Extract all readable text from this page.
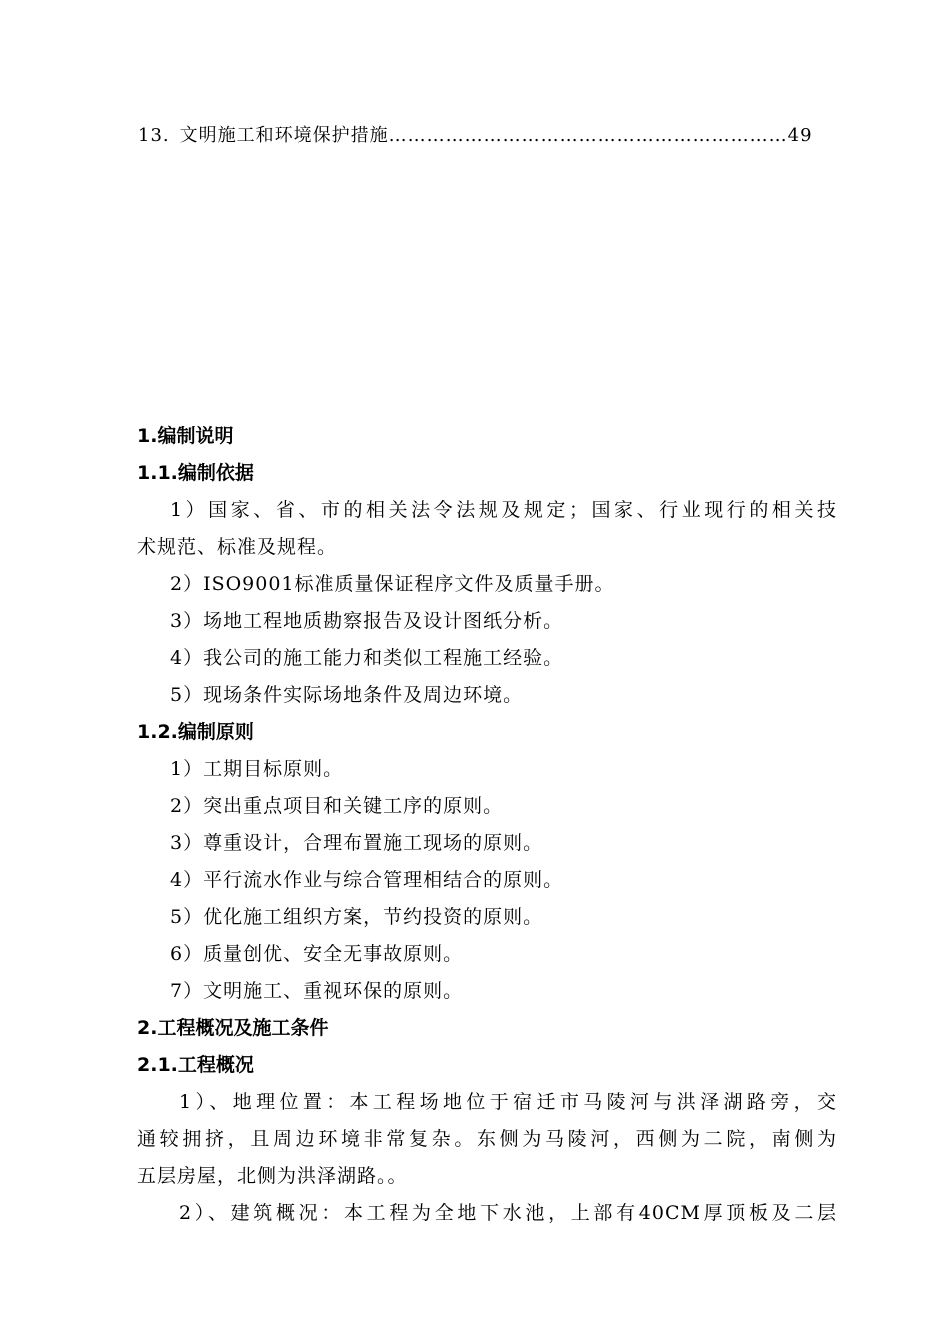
13. 文明施工和环境保护措施………………………………………………………49
1.编制说明
1.1.编制依据
1）国家、省、市的相关法令法规及规定；国家、行业现行的相关技
术规范、标准及规程。
2）ISO9001标准质量保证程序文件及质量手册。
3）场地工程地质勘察报告及设计图纸分析。
4）我公司的施工能力和类似工程施工经验。
5）现场条件实际场地条件及周边环境。
1.2.编制原则
1）工期目标原则。
2）突出重点项目和关键工序的原则。
3）尊重设计，合理布置施工现场的原则。
4）平行流水作业与综合管理相结合的原则。
5）优化施工组织方案，节约投资的原则。
6）质量创优、安全无事故原则。
7）文明施工、重视环保的原则。
2.工程概况及施工条件
2.1.工程概况
1）、地理位置：本工程场地位于宿迁市马陵河与洪泽湖路旁，交
通较拥挤，且周边环境非常复杂。东侧为马陵河，西侧为二院，南侧为
五层房屋，北侧为洪泽湖路。。
2）、建筑概况：本工程为全地下水池，上部有40CM厚顶板及二层
